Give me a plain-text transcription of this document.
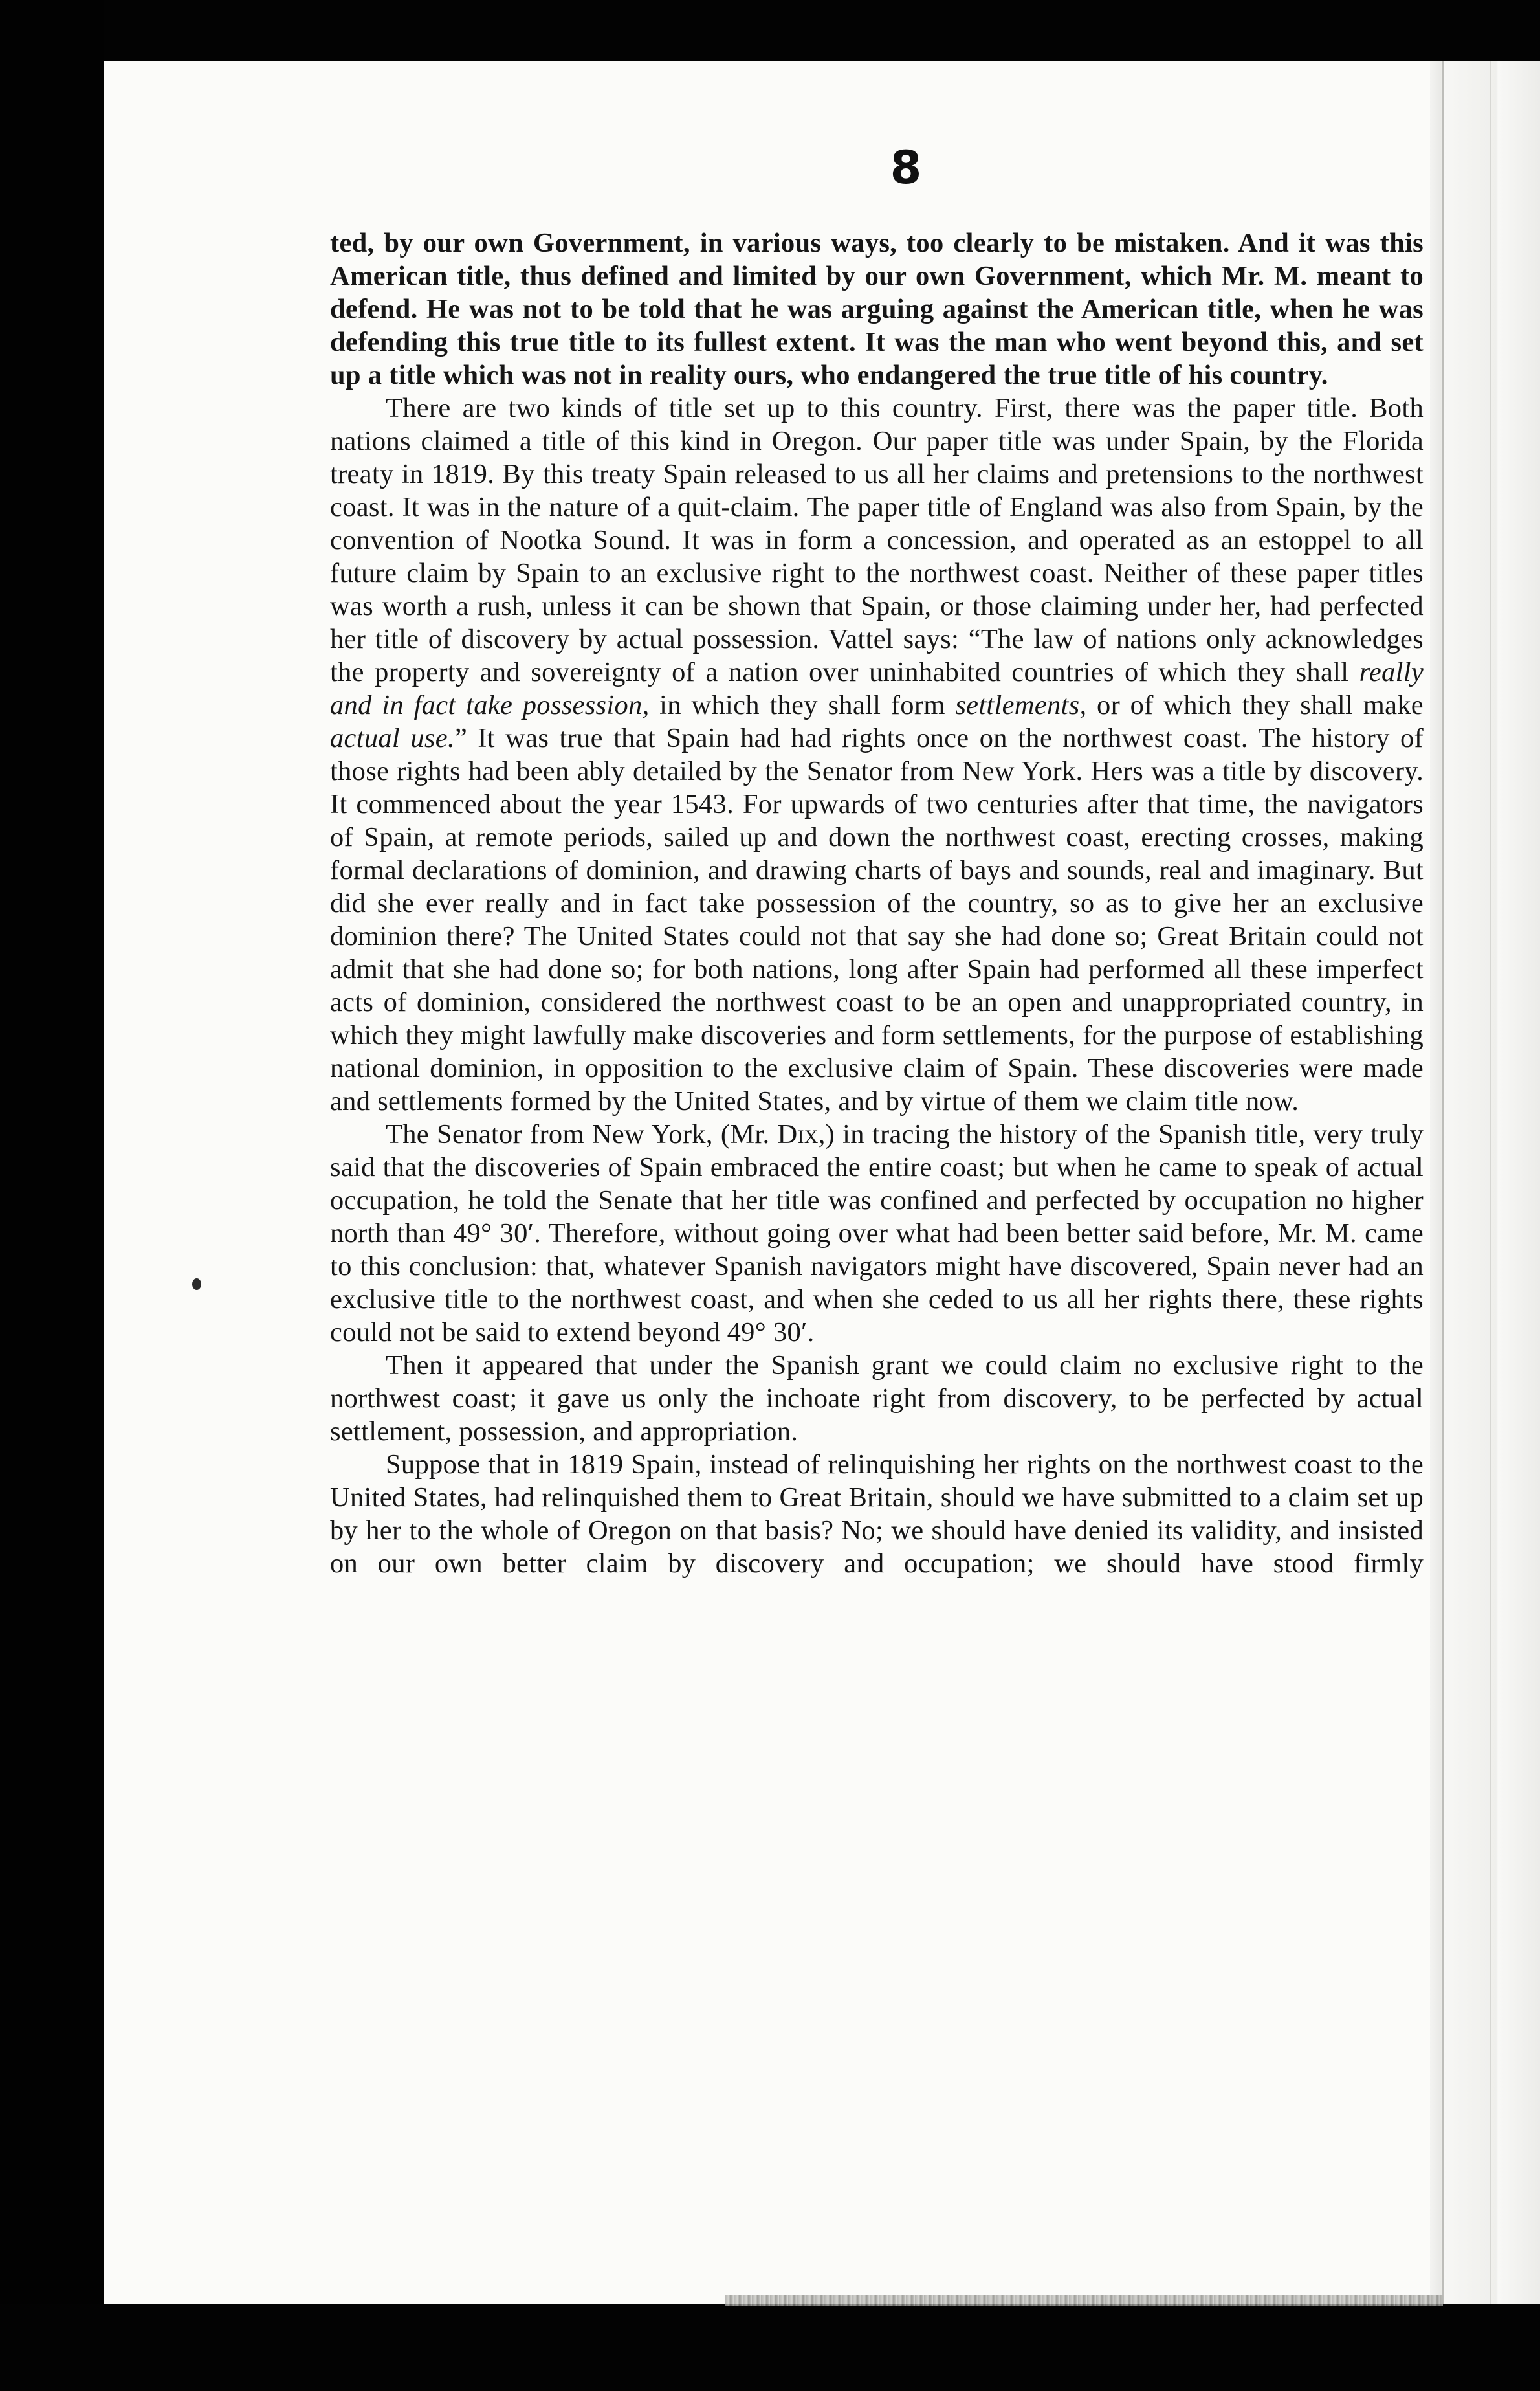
8

ted, by our own Government, in various ways, too clearly to be mistaken. And it was this American title, thus defined and limited by our own Government, which Mr. M. meant to defend. He was not to be told that he was arguing against the American title, when he was defending this true title to its fullest extent. It was the man who went beyond this, and set up a title which was not in reality ours, who endangered the true title of his country.

There are two kinds of title set up to this country. First, there was the paper title. Both nations claimed a title of this kind in Oregon. Our paper title was under Spain, by the Florida treaty in 1819. By this treaty Spain released to us all her claims and pretensions to the northwest coast. It was in the nature of a quit-claim. The paper title of England was also from Spain, by the convention of Nootka Sound. It was in form a concession, and operated as an estoppel to all future claim by Spain to an exclusive right to the northwest coast. Neither of these paper titles was worth a rush, unless it can be shown that Spain, or those claiming under her, had perfected her title of discovery by actual possession. Vattel says: “The law of nations only acknowledges the property and sovereignty of a nation over uninhabited countries of which they shall really and in fact take possession, in which they shall form settlements, or of which they shall make actual use.” It was true that Spain had had rights once on the northwest coast. The history of those rights had been ably detailed by the Senator from New York. Hers was a title by discovery. It commenced about the year 1543. For upwards of two centuries after that time, the navigators of Spain, at remote periods, sailed up and down the northwest coast, erecting crosses, making formal declarations of dominion, and drawing charts of bays and sounds, real and imaginary. But did she ever really and in fact take possession of the country, so as to give her an exclusive dominion there? The United States could not that say she had done so; Great Britain could not admit that she had done so; for both nations, long after Spain had performed all these imperfect acts of dominion, considered the northwest coast to be an open and unappropriated country, in which they might lawfully make discoveries and form settlements, for the purpose of establishing national dominion, in opposition to the exclusive claim of Spain. These discoveries were made and settlements formed by the United States, and by virtue of them we claim title now.

The Senator from New York, (Mr. Dix,) in tracing the history of the Spanish title, very truly said that the discoveries of Spain embraced the entire coast; but when he came to speak of actual occupation, he told the Senate that her title was confined and perfected by occupation no higher north than 49° 30′. Therefore, without going over what had been better said before, Mr. M. came to this conclusion: that, whatever Spanish navigators might have discovered, Spain never had an exclusive title to the northwest coast, and when she ceded to us all her rights there, these rights could not be said to extend beyond 49° 30′.

Then it appeared that under the Spanish grant we could claim no exclusive right to the northwest coast; it gave us only the inchoate right from discovery, to be perfected by actual settlement, possession, and appropriation.

Suppose that in 1819 Spain, instead of relinquishing her rights on the northwest coast to the United States, had relinquished them to Great Britain, should we have submitted to a claim set up by her to the whole of Oregon on that basis? No; we should have denied its validity, and insisted on our own better claim by discovery and occupation; we should have stood firmly
